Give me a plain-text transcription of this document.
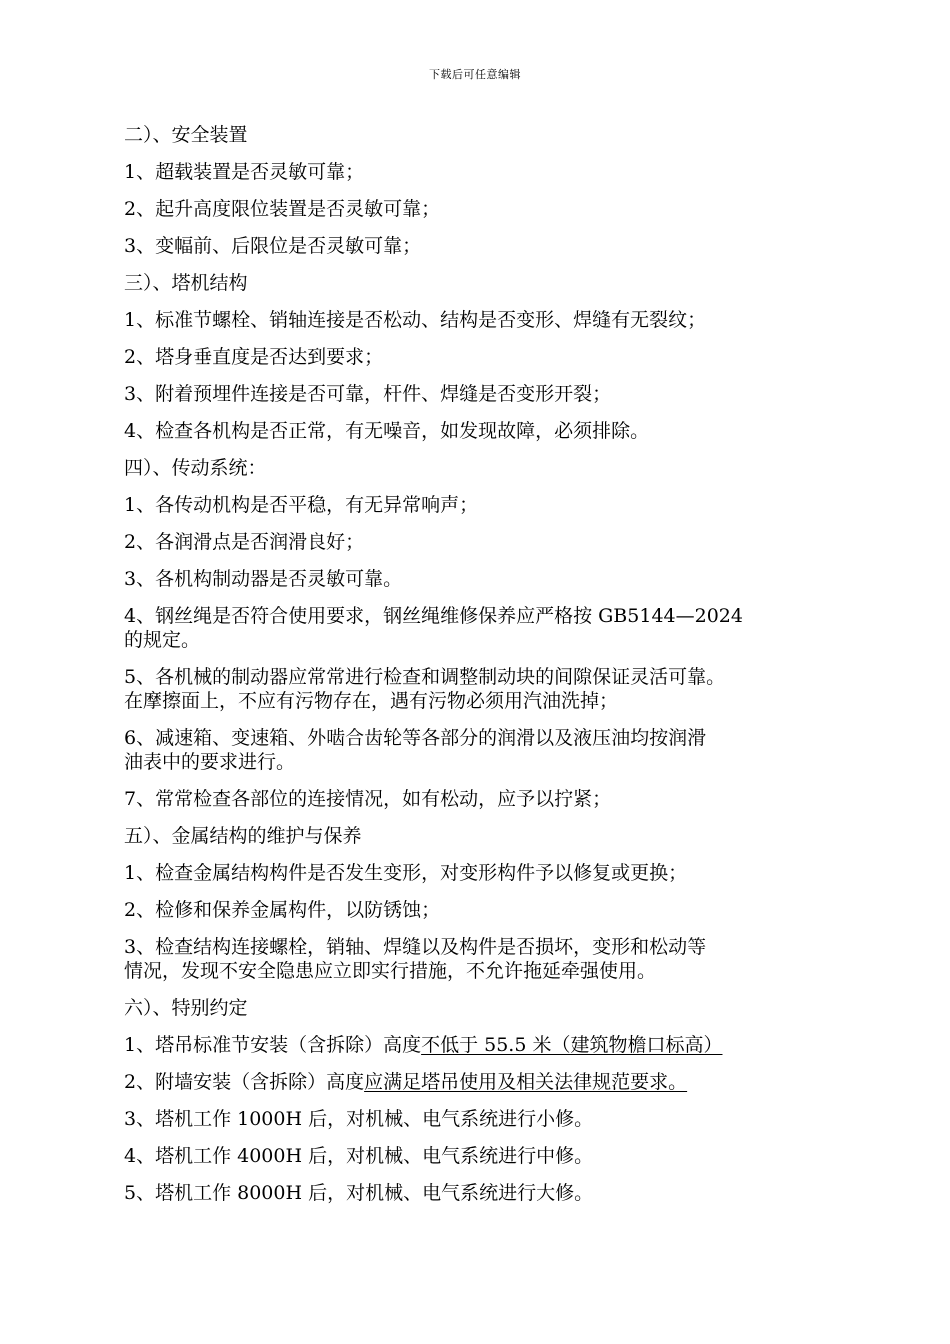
下载后可任意编辑
二）、安全装置
1、超载装置是否灵敏可靠；
2、起升高度限位装置是否灵敏可靠；
3、变幅前、后限位是否灵敏可靠；
三）、塔机结构
1、标准节螺栓、销轴连接是否松动、结构是否变形、焊缝有无裂纹；
2、塔身垂直度是否达到要求；
3、附着预埋件连接是否可靠，杆件、焊缝是否变形开裂；
4、检查各机构是否正常，有无噪音，如发现故障，必须排除。
四）、传动系统：
1、各传动机构是否平稳，有无异常响声；
2、各润滑点是否润滑良好；
3、各机构制动器是否灵敏可靠。
4、钢丝绳是否符合使用要求，钢丝绳维修保养应严格按 GB5144—2024
的规定。
5、各机械的制动器应常常进行检查和调整制动块的间隙保证灵活可靠。
在摩擦面上，不应有污物存在，遇有污物必须用汽油洗掉；
6、减速箱、变速箱、外啮合齿轮等各部分的润滑以及液压油均按润滑
油表中的要求进行。
7、常常检查各部位的连接情况，如有松动，应予以拧紧；
五）、金属结构的维护与保养
1、检查金属结构构件是否发生变形，对变形构件予以修复或更换；
2、检修和保养金属构件，以防锈蚀；
3、检查结构连接螺栓，销轴、焊缝以及构件是否损坏，变形和松动等
情况，发现不安全隐患应立即实行措施，不允许拖延牵强使用。
六）、特别约定
1、塔吊标准节安装（含拆除）高度不低于 55.5 米（建筑物檐口标高）
2、附墙安装（含拆除）高度应满足塔吊使用及相关法律规范要求。
3、塔机工作 1000H 后，对机械、电气系统进行小修。
4、塔机工作 4000H 后，对机械、电气系统进行中修。
5、塔机工作 8000H 后，对机械、电气系统进行大修。
